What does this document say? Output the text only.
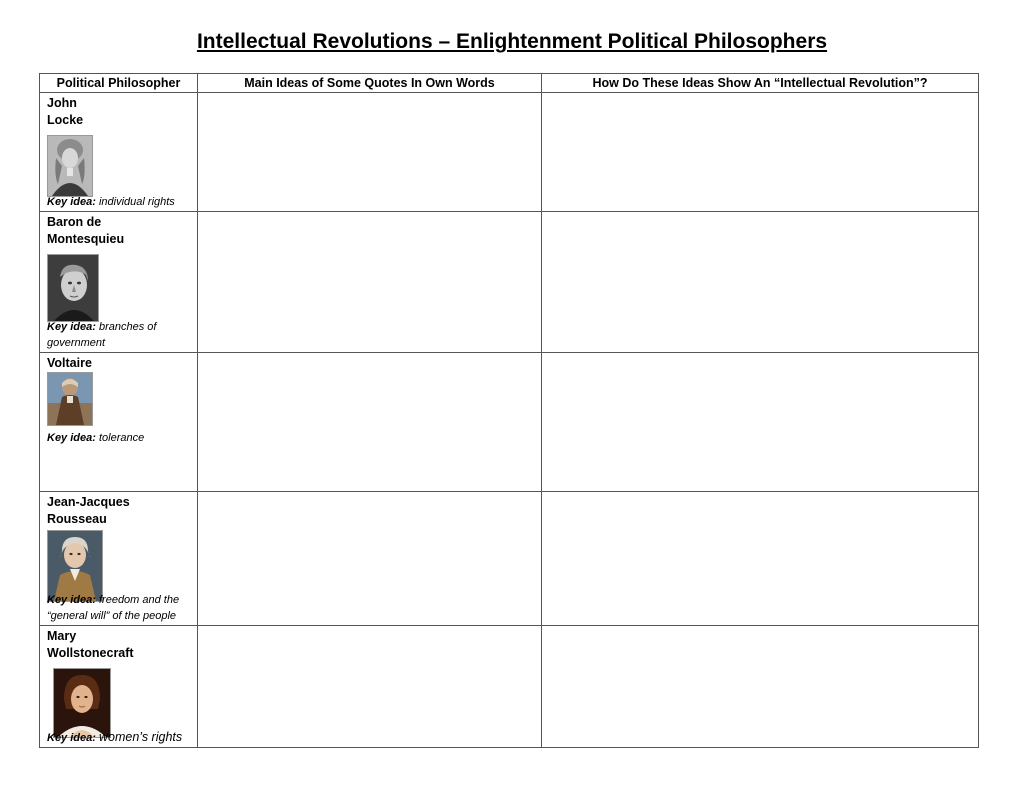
Intellectual Revolutions – Enlightenment Political Philosophers
Political Philosopher	Main Ideas of Some Quotes In Own Words	How Do These Ideas Show An “Intellectual Revolution”?

John
Locke
Key idea: individual rights		

Baron de
Montesquieu
Key idea: branches of government		

Voltaire
Key idea: tolerance		

Jean-Jacques
Rousseau
Key idea: freedom and the “general will” of the people		

Mary
Wollstonecraft
Key idea: women’s rights		
